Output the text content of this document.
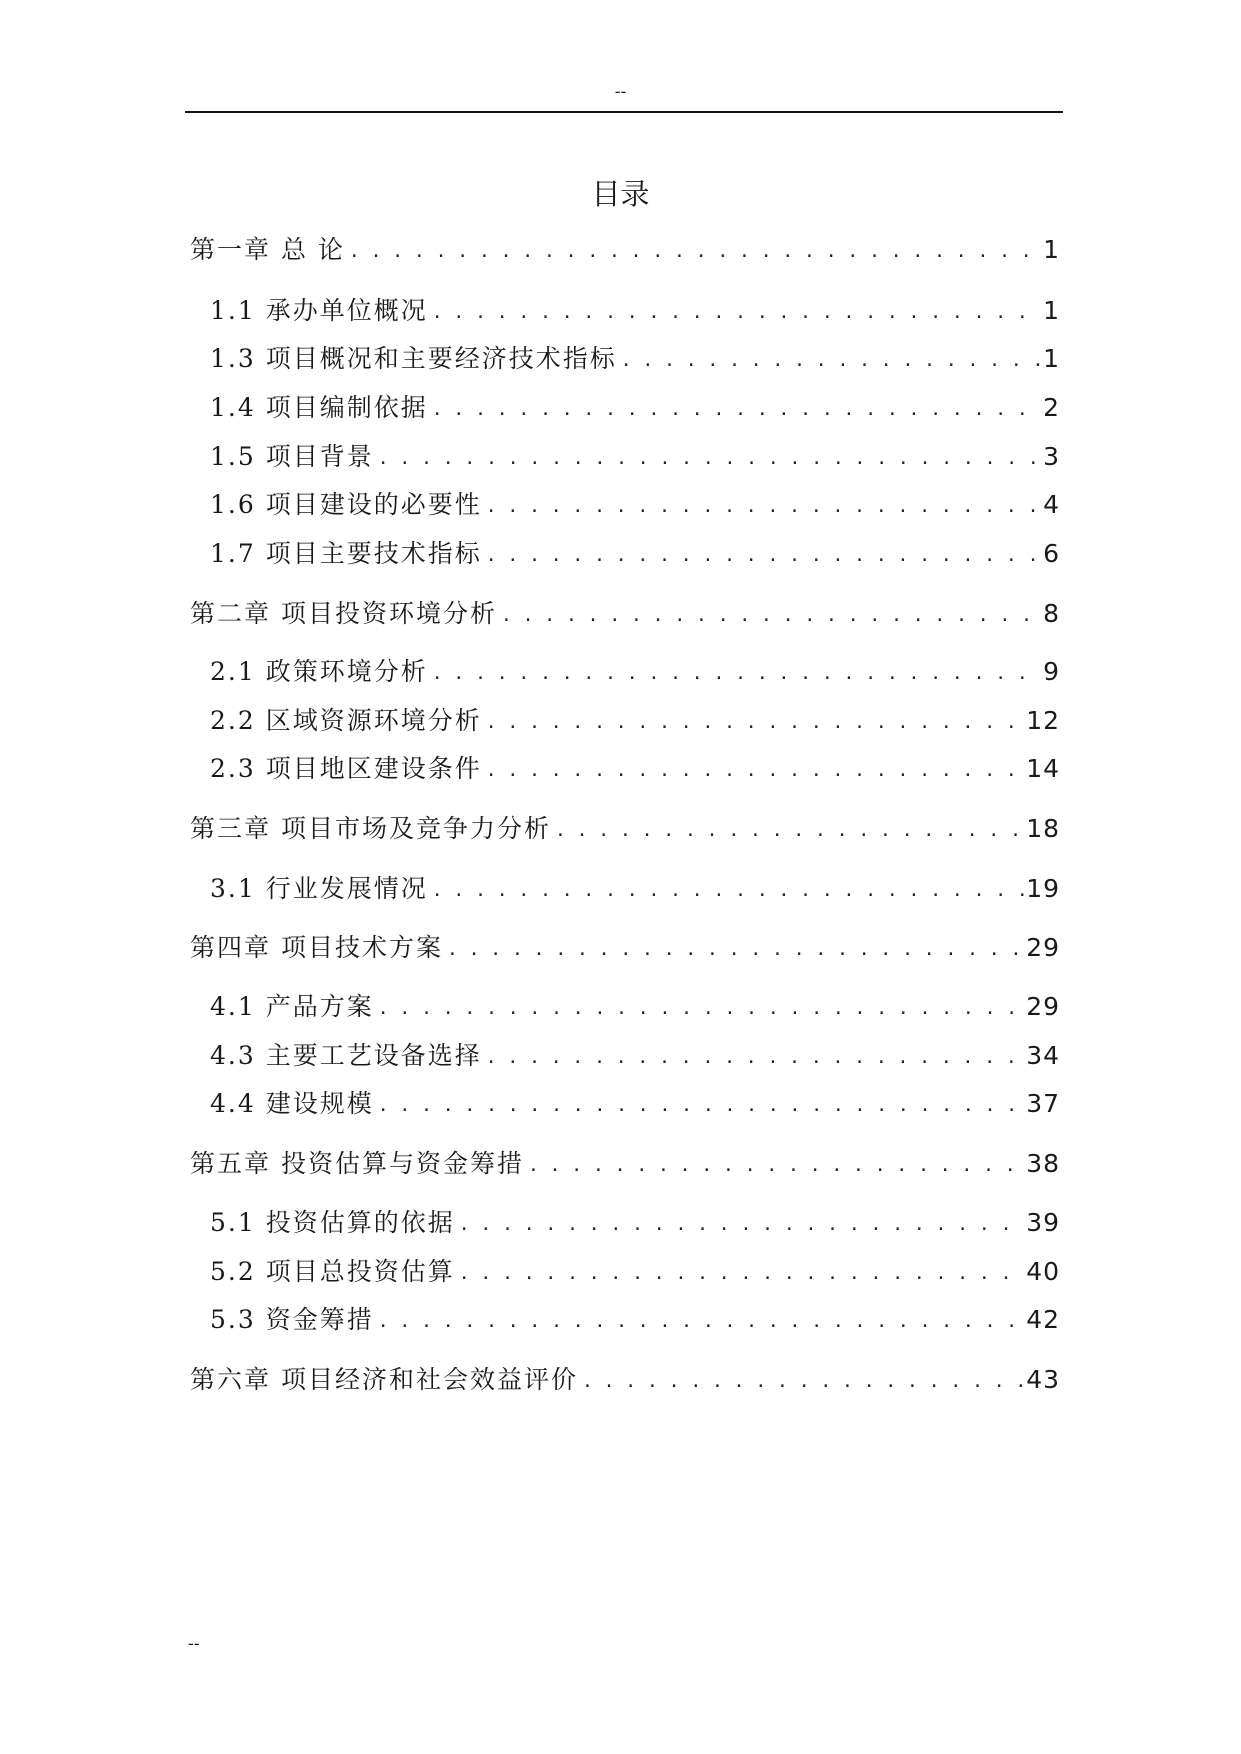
--
目录
第一章 总 论 . . .	1
1.1 承办单位概况 . . .	1
1.3 项目概况和主要经济技术指标 . . .	1
1.4 项目编制依据 . . .	2
1.5 项目背景 . . .	3
1.6 项目建设的必要性 . . .	4
1.7 项目主要技术指标 . . .	6
第二章 项目投资环境分析 . . .	8
2.1 政策环境分析 . . .	9
2.2 区域资源环境分析 . . .	12
2.3 项目地区建设条件 . . .	14
第三章 项目市场及竞争力分析 . . .	18
3.1 行业发展情况 . . .	19
第四章 项目技术方案 . . .	29
4.1 产品方案 . . .	29
4.3 主要工艺设备选择 . . .	34
4.4 建设规模 . . .	37
第五章 投资估算与资金筹措 . . .	38
5.1 投资估算的依据 . . .	39
5.2 项目总投资估算 . . .	40
5.3 资金筹措 . . .	42
第六章 项目经济和社会效益评价 . . .	43
--
